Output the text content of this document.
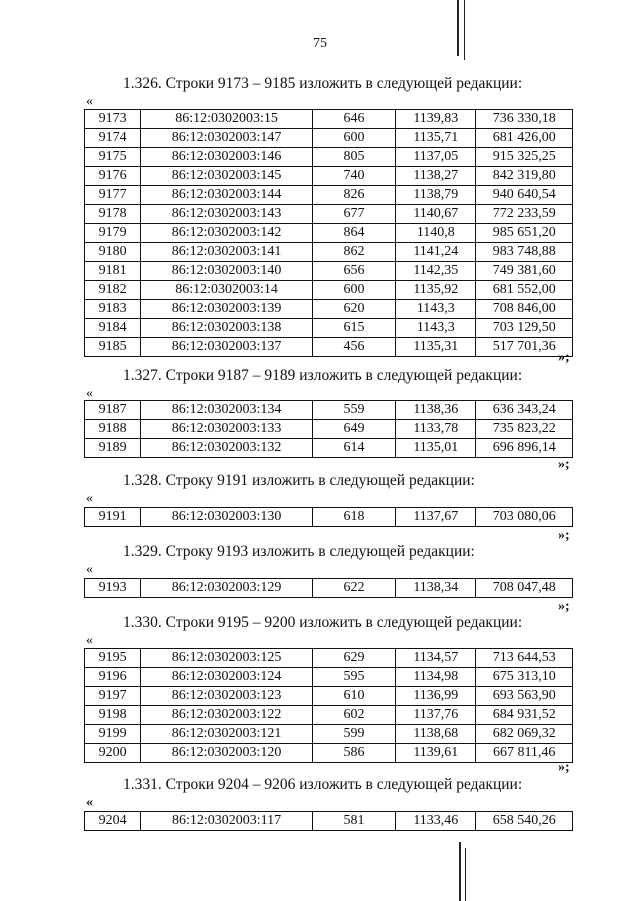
75
1.326. Строки 9173 – 9185 изложить в следующей редакции:
«
9173	86:12:0302003:15	646	1139,83	736 330,18
9174	86:12:0302003:147	600	1135,71	681 426,00
9175	86:12:0302003:146	805	1137,05	915 325,25
9176	86:12:0302003:145	740	1138,27	842 319,80
9177	86:12:0302003:144	826	1138,79	940 640,54
9178	86:12:0302003:143	677	1140,67	772 233,59
9179	86:12:0302003:142	864	1140,8	985 651,20
9180	86:12:0302003:141	862	1141,24	983 748,88
9181	86:12:0302003:140	656	1142,35	749 381,60
9182	86:12:0302003:14	600	1135,92	681 552,00
9183	86:12:0302003:139	620	1143,3	708 846,00
9184	86:12:0302003:138	615	1143,3	703 129,50
9185	86:12:0302003:137	456	1135,31	517 701,36
»;
1.327. Строки 9187 – 9189 изложить в следующей редакции:
«
9187	86:12:0302003:134	559	1138,36	636 343,24
9188	86:12:0302003:133	649	1133,78	735 823,22
9189	86:12:0302003:132	614	1135,01	696 896,14
»;
1.328. Строку 9191 изложить в следующей редакции:
«
9191	86:12:0302003:130	618	1137,67	703 080,06
»;
1.329. Строку 9193 изложить в следующей редакции:
«
9193	86:12:0302003:129	622	1138,34	708 047,48
»;
1.330. Строки 9195 – 9200 изложить в следующей редакции:
«
9195	86:12:0302003:125	629	1134,57	713 644,53
9196	86:12:0302003:124	595	1134,98	675 313,10
9197	86:12:0302003:123	610	1136,99	693 563,90
9198	86:12:0302003:122	602	1137,76	684 931,52
9199	86:12:0302003:121	599	1138,68	682 069,32
9200	86:12:0302003:120	586	1139,61	667 811,46
»;
1.331. Строки 9204 – 9206 изложить в следующей редакции:
«
9204	86:12:0302003:117	581	1133,46	658 540,26
